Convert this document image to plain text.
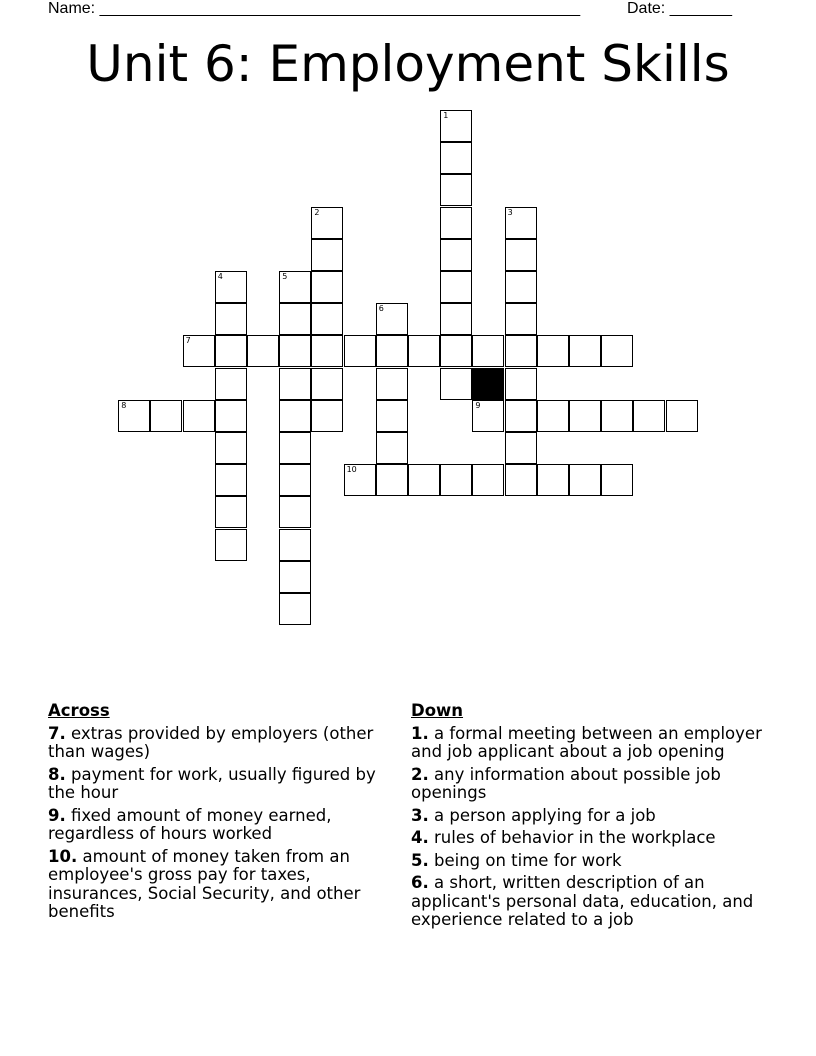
Name: ______________________________________________________	Date: _______
Unit 6: Employment Skills
1
2	3
4	5
6
7
8	9
10
Across
7. extras provided by employers (other than wages)
8. payment for work, usually figured by the hour
9. fixed amount of money earned, regardless of hours worked
10. amount of money taken from an employee's gross pay for taxes, insurances, Social Security, and other benefits
Down
1. a formal meeting between an employer and job applicant about a job opening
2. any information about possible job openings
3. a person applying for a job
4. rules of behavior in the workplace
5. being on time for work
6. a short, written description of an applicant's personal data, education, and experience related to a job
